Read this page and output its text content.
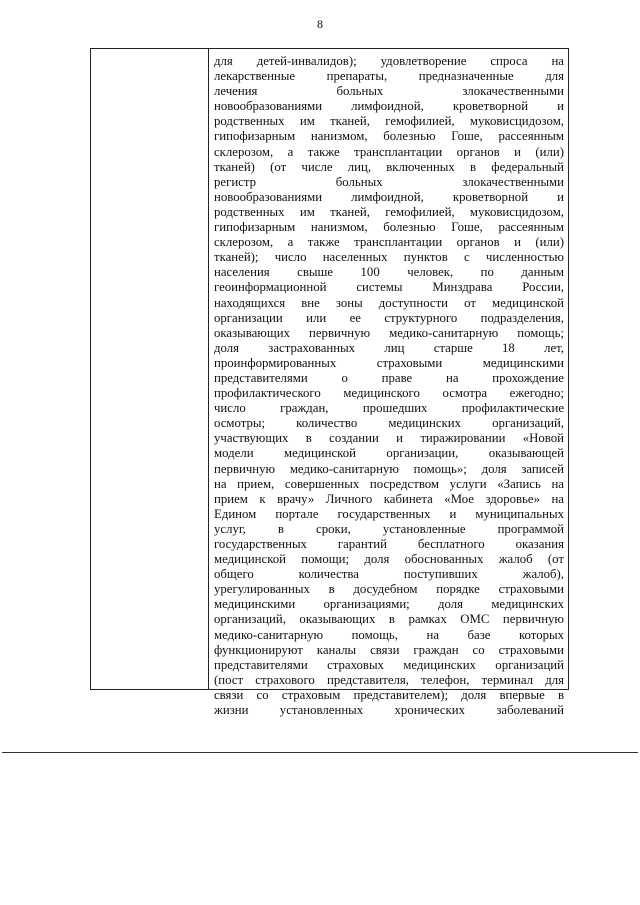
8
для детей-инвалидов); удовлетворение спроса на
лекарственные препараты, предназначенные для
лечения больных злокачественными
новообразованиями лимфоидной, кроветворной и
родственных им тканей, гемофилией, муковисцидозом,
гипофизарным нанизмом, болезнью Гоше, рассеянным
склерозом, а также трансплантации органов и (или)
тканей) (от числе лиц, включенных в федеральный
регистр больных злокачественными
новообразованиями лимфоидной, кроветворной и
родственных им тканей, гемофилией, муковисцидозом,
гипофизарным нанизмом, болезнью Гоше, рассеянным
склерозом, а также трансплантации органов и (или)
тканей); число населенных пунктов с численностью
населения свыше 100 человек, по данным
геоинформационной системы Минздрава России,
находящихся вне зоны доступности от медицинской
организации или ее структурного подразделения,
оказывающих первичную медико-санитарную помощь;
доля застрахованных лиц старше 18 лет,
проинформированных страховыми медицинскими
представителями о праве на прохождение
профилактического медицинского осмотра ежегодно;
число граждан, прошедших профилактические
осмотры; количество медицинских организаций,
участвующих в создании и тиражировании «Новой
модели медицинской организации, оказывающей
первичную медико-санитарную помощь»; доля записей
на прием, совершенных посредством услуги «Запись на
прием к врачу» Личного кабинета «Мое здоровье» на
Едином портале государственных и муниципальных
услуг, в сроки, установленные программой
государственных гарантий бесплатного оказания
медицинской помощи; доля обоснованных жалоб (от
общего количества поступивших жалоб),
урегулированных в досудебном порядке страховыми
медицинскими организациями; доля медицинских
организаций, оказывающих в рамках ОМС первичную
медико-санитарную помощь, на базе которых
функционируют каналы связи граждан со страховыми
представителями страховых медицинских организаций
(пост страхового представителя, телефон, терминал для
связи со страховым представителем); доля впервые в
жизни установленных хронических заболеваний
